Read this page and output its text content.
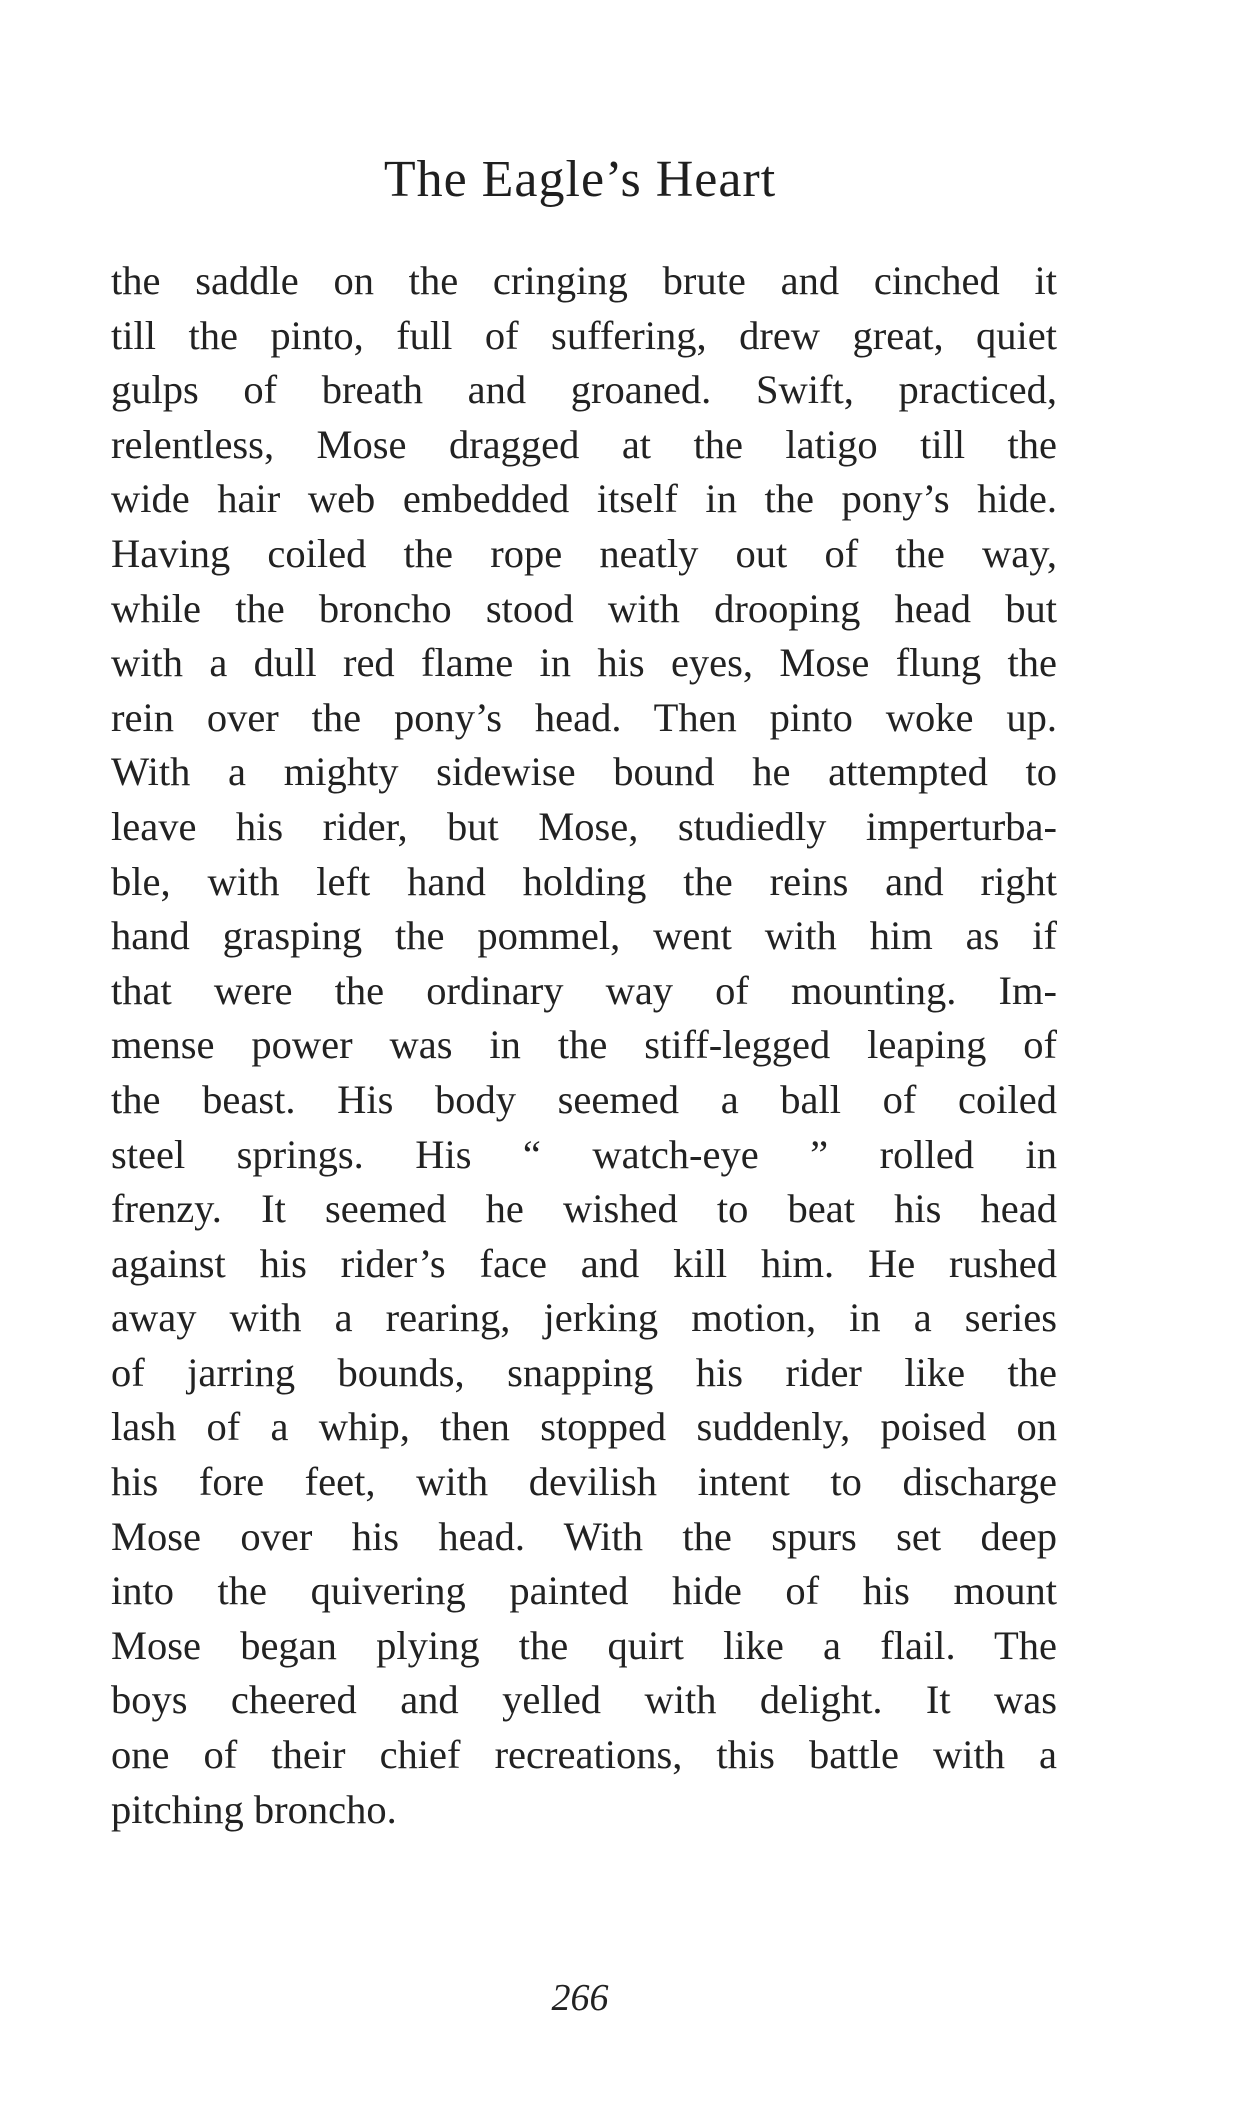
The Eagle’s Heart
the saddle on the cringing brute and cinched it
till the pinto, full of suffering, drew great, quiet
gulps of breath and groaned. Swift, practiced,
relentless, Mose dragged at the latigo till the
wide hair web embedded itself in the pony’s hide.
Having coiled the rope neatly out of the way,
while the broncho stood with drooping head but
with a dull red flame in his eyes, Mose flung the
rein over the pony’s head. Then pinto woke up.
With a mighty sidewise bound he attempted to
leave his rider, but Mose, studiedly imperturba-
ble, with left hand holding the reins and right
hand grasping the pommel, went with him as if
that were the ordinary way of mounting. Im-
mense power was in the stiff-legged leaping of
the beast. His body seemed a ball of coiled
steel springs. His “ watch-eye ” rolled in
frenzy. It seemed he wished to beat his head
against his rider’s face and kill him. He rushed
away with a rearing, jerking motion, in a series
of jarring bounds, snapping his rider like the
lash of a whip, then stopped suddenly, poised on
his fore feet, with devilish intent to discharge
Mose over his head. With the spurs set deep
into the quivering painted hide of his mount
Mose began plying the quirt like a flail. The
boys cheered and yelled with delight. It was
one of their chief recreations, this battle with a
pitching broncho.
266
